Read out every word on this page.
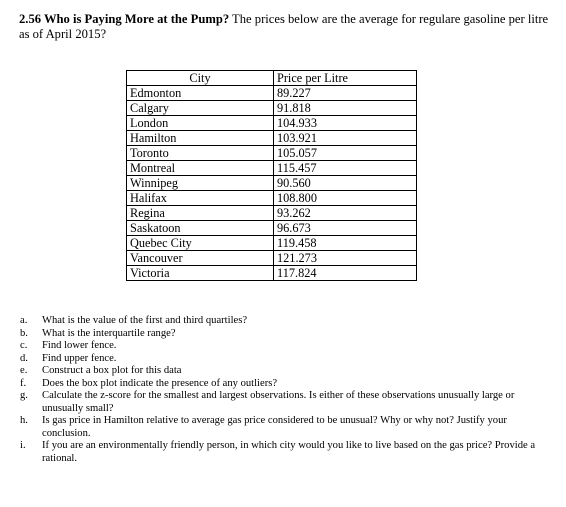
2.56 Who is Paying More at the Pump? The prices below are the average for regulare gasoline per litre as of April 2015?
City	Price per Litre
Edmonton	89.227
Calgary	91.818
London	104.933
Hamilton	103.921
Toronto	105.057
Montreal	115.457
Winnipeg	90.560
Halifax	108.800
Regina	93.262
Saskatoon	96.673
Quebec City	119.458
Vancouver	121.273
Victoria	117.824
a.	What is the value of the first and third quartiles?
b.	What is the interquartile range?
c.	Find lower fence.
d.	Find upper fence.
e.	Construct a box plot for this data
f.	Does the box plot indicate the presence of any outliers?
g.	Calculate the z-score for the smallest and largest observations. Is either of these observations unusually large or unusually small?
h.	Is gas price in Hamilton relative to average gas price considered to be unusual? Why or why not? Justify your conclusion.
i.	If you are an environmentally friendly person, in which city would you like to live based on the gas price? Provide a rational.
